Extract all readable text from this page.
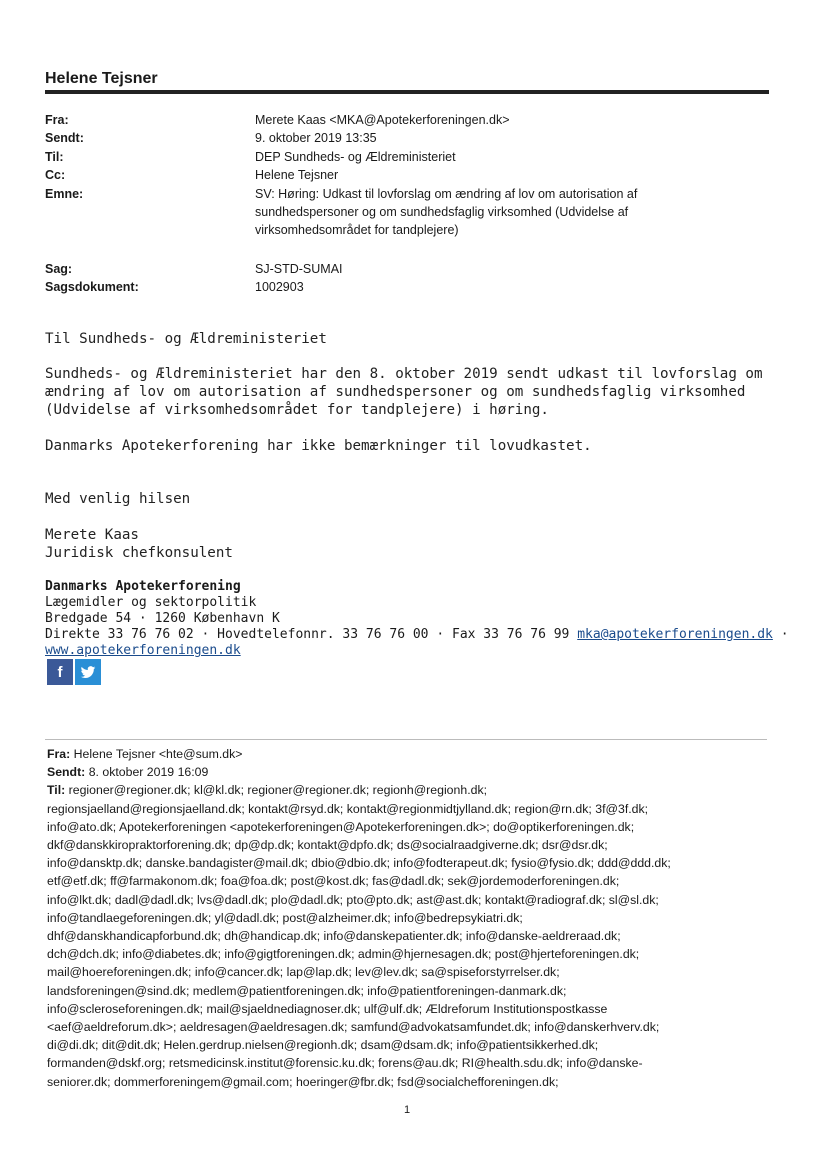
Helene Tejsner
Fra:	Merete Kaas <MKA@Apotekerforeningen.dk>
Sendt:	9. oktober 2019 13:35
Til:	DEP Sundheds- og Ældreministeriet
Cc:	Helene Tejsner
Emne:	SV: Høring: Udkast til lovforslag om ændring af lov om autorisation af sundhedspersoner og om sundhedsfaglig virksomhed (Udvidelse af virksomhedsområdet for tandplejere)
Sag:	SJ-STD-SUMAI
Sagsdokument:	1002903
Til Sundheds- og Ældreministeriet
Sundheds- og Ældreministeriet har den 8. oktober 2019 sendt udkast til lovforslag om ændring af lov om autorisation af sundhedspersoner og om sundhedsfaglig virksomhed (Udvidelse af virksomhedsområdet for tandplejere) i høring.
Danmarks Apotekerforening har ikke bemærkninger til lovudkastet.
Med venlig hilsen
Merete Kaas
Juridisk chefkonsulent
Danmarks Apotekerforening
Lægemidler og sektorpolitik
Bredgade 54 · 1260 København K
Direkte 33 76 76 02 · Hovedtelefonnr. 33 76 76 00 · Fax 33 76 76 99 mka@apotekerforeningen.dk ·
www.apotekerforeningen.dk
f
Fra: Helene Tejsner <hte@sum.dk>
Sendt: 8. oktober 2019 16:09
Til: regioner@regioner.dk; kl@kl.dk; regioner@regioner.dk; regionh@regionh.dk;
regionsjaelland@regionsjaelland.dk; kontakt@rsyd.dk; kontakt@regionmidtjylland.dk; region@rn.dk; 3f@3f.dk;
info@ato.dk; Apotekerforeningen <apotekerforeningen@Apotekerforeningen.dk>; do@optikerforeningen.dk;
dkf@danskkiropraktorforening.dk; dp@dp.dk; kontakt@dpfo.dk; ds@socialraadgiverne.dk; dsr@dsr.dk;
info@dansktp.dk; danske.bandagister@mail.dk; dbio@dbio.dk; info@fodterapeut.dk; fysio@fysio.dk; ddd@ddd.dk;
etf@etf.dk; ff@farmakonom.dk; foa@foa.dk; post@kost.dk; fas@dadl.dk; sek@jordemoderforeningen.dk;
info@lkt.dk; dadl@dadl.dk; lvs@dadl.dk; plo@dadl.dk; pto@pto.dk; ast@ast.dk; kontakt@radiograf.dk; sl@sl.dk;
info@tandlaegeforeningen.dk; yl@dadl.dk; post@alzheimer.dk; info@bedrepsykiatri.dk;
dhf@danskhandicapforbund.dk; dh@handicap.dk; info@danskepatienter.dk; info@danske-aeldreraad.dk;
dch@dch.dk; info@diabetes.dk; info@gigtforeningen.dk; admin@hjernesagen.dk; post@hjerteforeningen.dk;
mail@hoereforeningen.dk; info@cancer.dk; lap@lap.dk; lev@lev.dk; sa@spiseforstyrrelser.dk;
landsforeningen@sind.dk; medlem@patientforeningen.dk; info@patientforeningen-danmark.dk;
info@scleroseforeningen.dk; mail@sjaeldnediagnoser.dk; ulf@ulf.dk; Ældreforum Institutionspostkasse
<aef@aeldreforum.dk>; aeldresagen@aeldresagen.dk; samfund@advokatsamfundet.dk; info@danskerhverv.dk;
di@di.dk; dit@dit.dk; Helen.gerdrup.nielsen@regionh.dk; dsam@dsam.dk; info@patientsikkerhed.dk;
formanden@dskf.org; retsmedicinsk.institut@forensic.ku.dk; forens@au.dk; RI@health.sdu.dk; info@danske-
seniorer.dk; dommerforeningem@gmail.com; hoeringer@fbr.dk; fsd@socialchefforeningen.dk;
1
